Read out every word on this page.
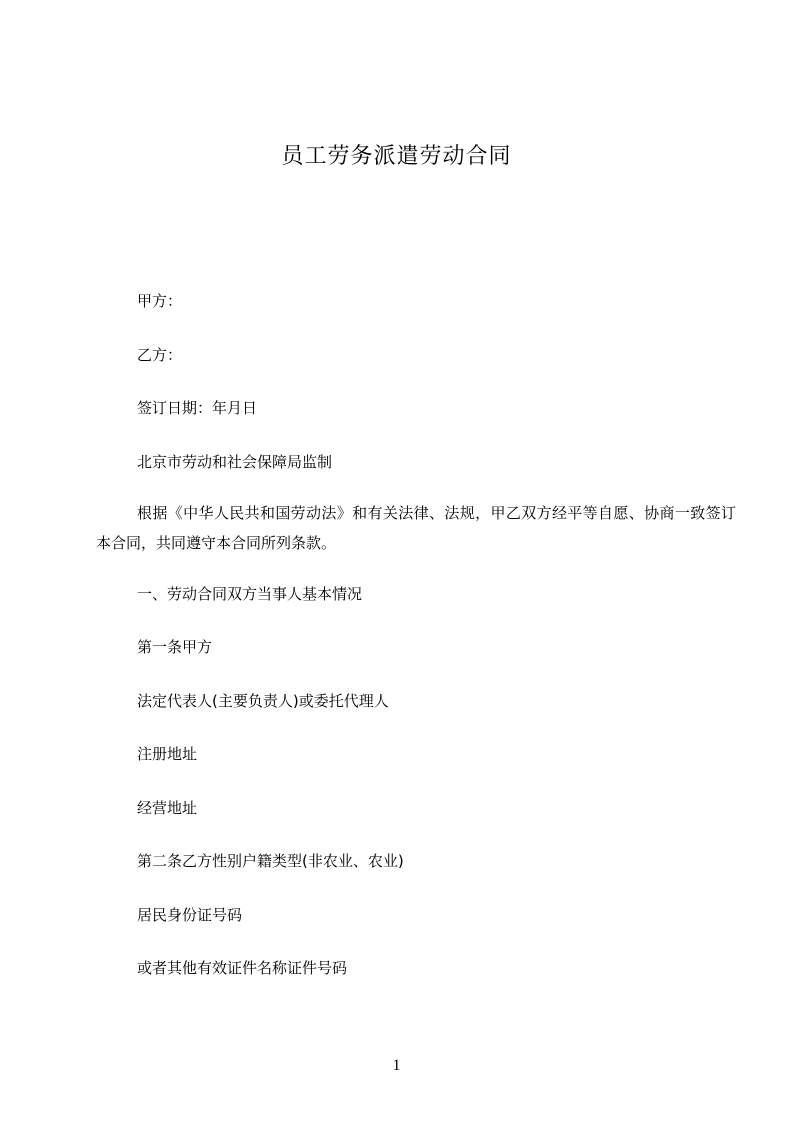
员工劳务派遣劳动合同
甲方：
乙方：
签订日期：年月日
北京市劳动和社会保障局监制
根据《中华人民共和国劳动法》和有关法律、法规，甲乙双方经平等自愿、协商一致签订本合同，共同遵守本合同所列条款。
一、劳动合同双方当事人基本情况
第一条甲方
法定代表人(主要负责人)或委托代理人
注册地址
经营地址
第二条乙方性别户籍类型(非农业、农业)
居民身份证号码
或者其他有效证件名称证件号码
1
